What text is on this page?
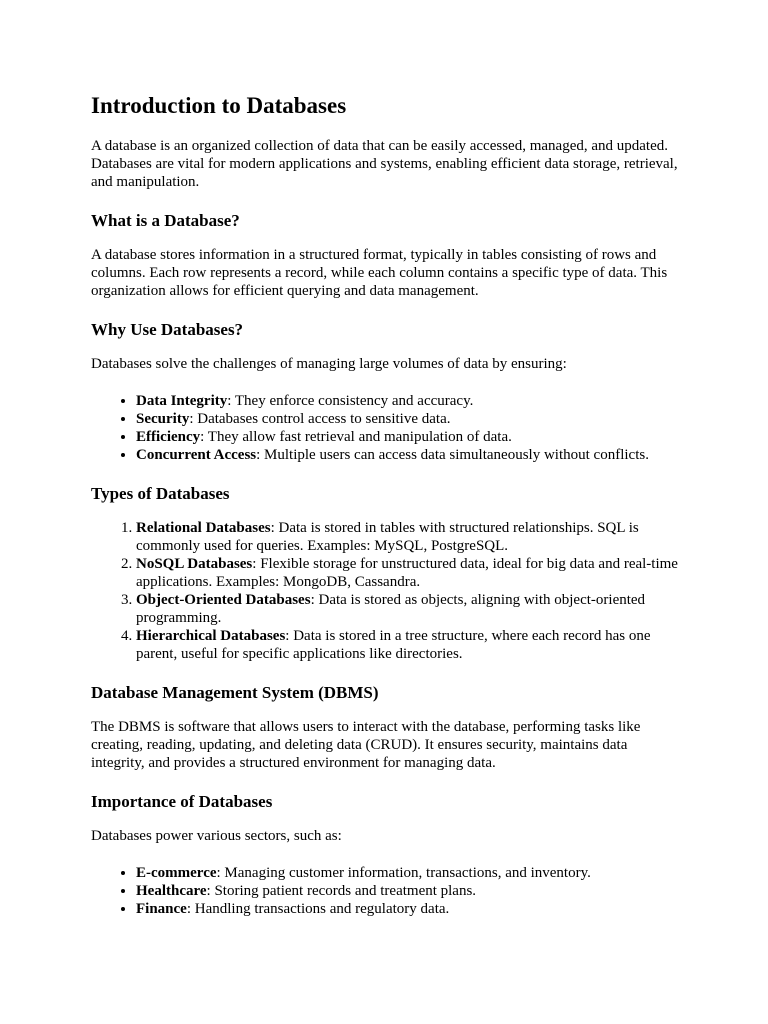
Introduction to Databases

A database is an organized collection of data that can be easily accessed, managed, and updated. Databases are vital for modern applications and systems, enabling efficient data storage, retrieval, and manipulation.

What is a Database?

A database stores information in a structured format, typically in tables consisting of rows and columns. Each row represents a record, while each column contains a specific type of data. This organization allows for efficient querying and data management.

Why Use Databases?

Databases solve the challenges of managing large volumes of data by ensuring:

• Data Integrity: They enforce consistency and accuracy.
• Security: Databases control access to sensitive data.
• Efficiency: They allow fast retrieval and manipulation of data.
• Concurrent Access: Multiple users can access data simultaneously without conflicts.
Types of Databases
1. Relational Databases: Data is stored in tables with structured relationships. SQL is commonly used for queries. Examples: MySQL, PostgreSQL.
2. NoSQL Databases: Flexible storage for unstructured data, ideal for big data and real-time applications. Examples: MongoDB, Cassandra.
3. Object-Oriented Databases: Data is stored as objects, aligning with object-oriented programming.
4. Hierarchical Databases: Data is stored in a tree structure, where each record has one parent, useful for specific applications like directories.
Database Management System (DBMS)

The DBMS is software that allows users to interact with the database, performing tasks like creating, reading, updating, and deleting data (CRUD). It ensures security, maintains data integrity, and provides a structured environment for managing data.

Importance of Databases

Databases power various sectors, such as:

• E-commerce: Managing customer information, transactions, and inventory.
• Healthcare: Storing patient records and treatment plans.
• Finance: Handling transactions and regulatory data.
